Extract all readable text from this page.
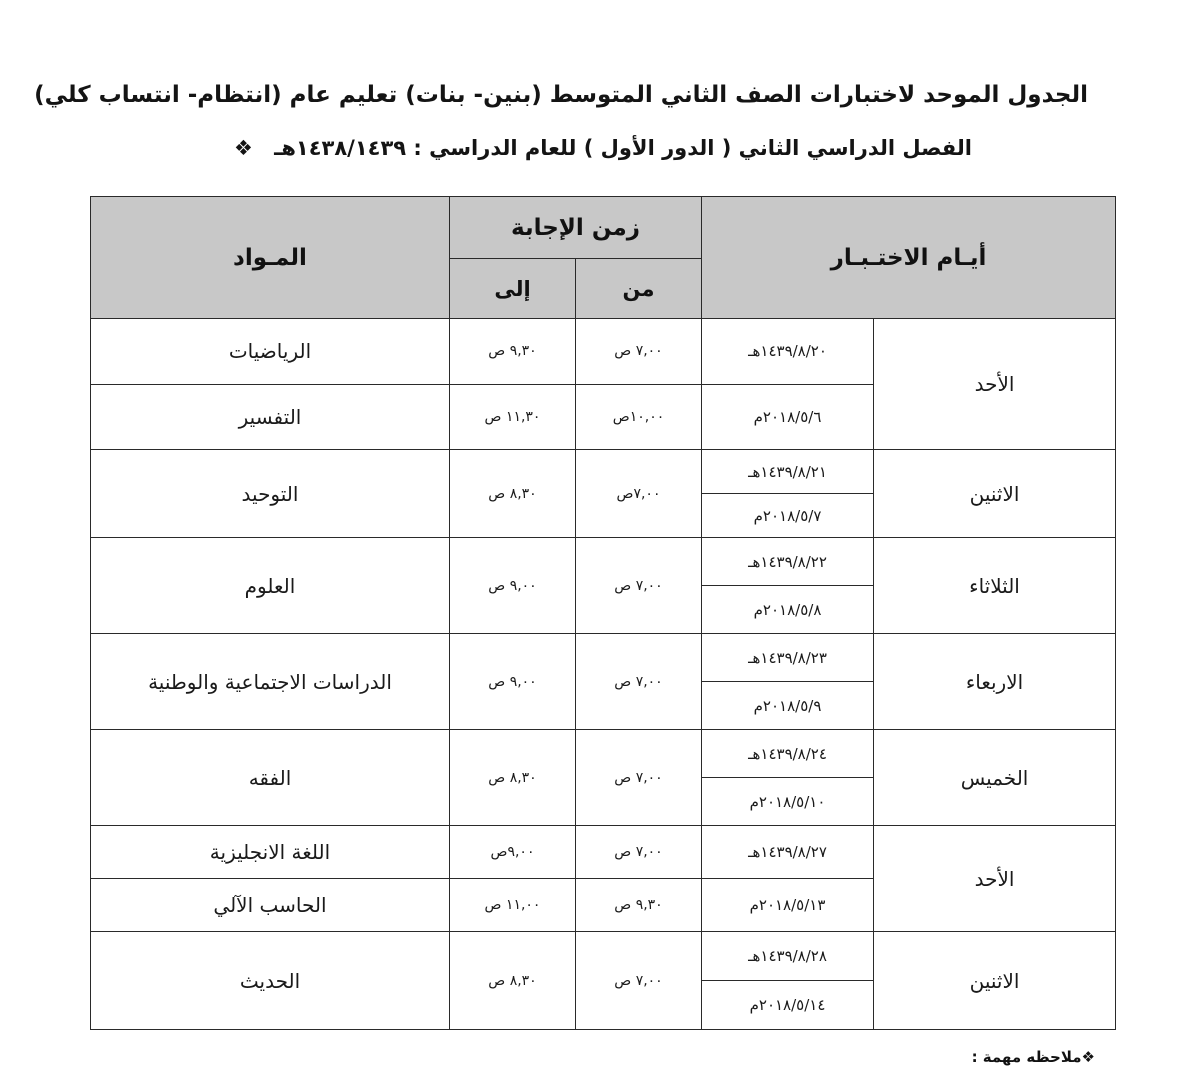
الجدول الموحد لاختبارات الصف الثاني المتوسط (بنين- بنات) تعليم عام (انتظام- انتساب كلي)
الفصل الدراسي الثاني ( الدور الأول ) للعام الدراسي : ١٤٣٨/١٤٣٩هـ ❖
أيـام الاختـبـار		زمن الإجابة		المـواد
		من	إلى	
الأحد	١٤٣٩/٨/٢٠هـ	٧,٠٠ ص	٩,٣٠ ص	الرياضيات
	٢٠١٨/٥/٦م	١٠,٠٠ص	١١,٣٠ ص	التفسير
الاثنين	١٤٣٩/٨/٢١هـ	٧,٠٠ص	٨,٣٠ ص	التوحيد
	٢٠١٨/٥/٧م			
الثلاثاء	١٤٣٩/٨/٢٢هـ	٧,٠٠ ص	٩,٠٠ ص	العلوم
	٢٠١٨/٥/٨م			
الاربعاء	١٤٣٩/٨/٢٣هـ	٧,٠٠ ص	٩,٠٠ ص	الدراسات الاجتماعية والوطنية
	٢٠١٨/٥/٩م			
الخميس	١٤٣٩/٨/٢٤هـ	٧,٠٠ ص	٨,٣٠ ص	الفقه
	٢٠١٨/٥/١٠م			
الأحد	١٤٣٩/٨/٢٧هـ	٧,٠٠ ص	٩,٠٠ص	اللغة الانجليزية
	٢٠١٨/٥/١٣م	٩,٣٠ ص	١١,٠٠ ص	الحاسب الآلي
الاثنين	١٤٣٩/٨/٢٨هـ	٧,٠٠ ص	٨,٣٠ ص	الحديث
	٢٠١٨/٥/١٤م			
❖ملاحظه مهمة :
